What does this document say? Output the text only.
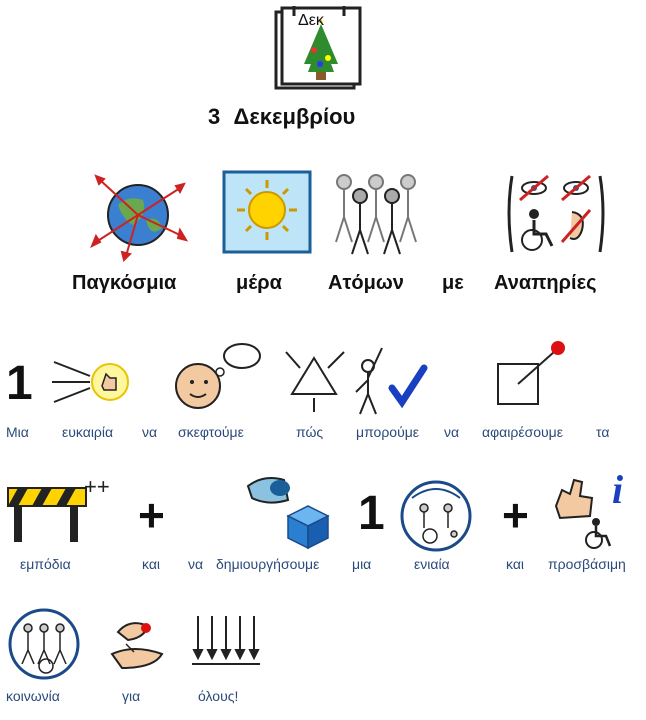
Δεκ
3 Δεκεμβρίου
Παγκόσμια	μέρα Ατόμων με Αναπηρίες
1
Μια ευκαιρία να σκεφτούμε	πώς μπορούμε να αφαιρέσουμε τα
++
+	1	+ i
εμπόδια	και να δημιουργήσουμε μια	ενιαία	και προσβάσιμη
κοινωνία	για	όλους!
